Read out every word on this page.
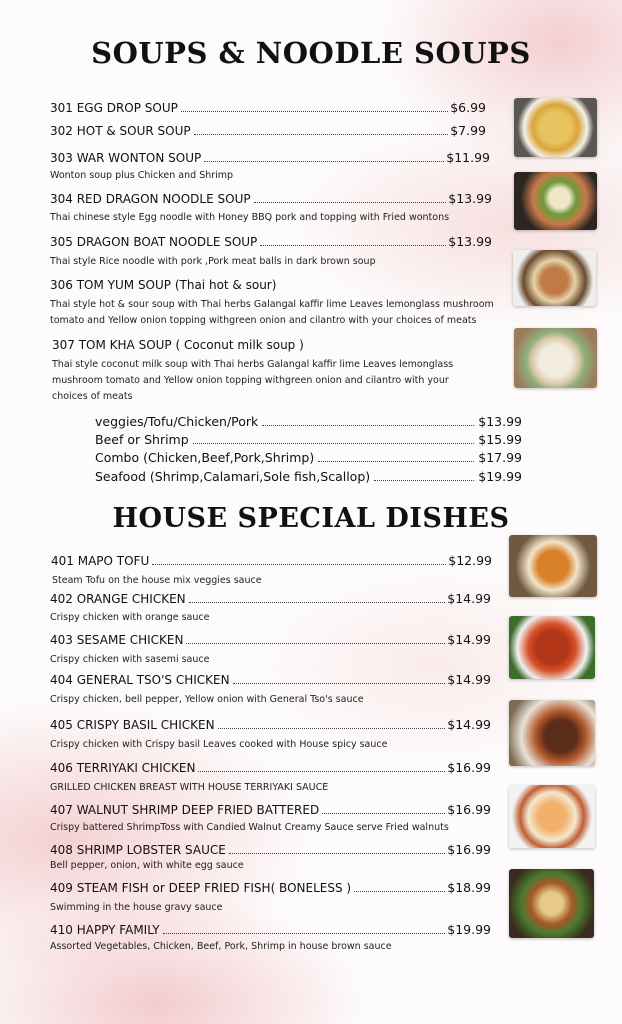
SOUPS & NOODLE SOUPS
301 EGG DROP SOUP	$6.99
302 HOT & SOUR SOUP	$7.99
303 WAR WONTON SOUP	$11.99
Wonton soup plus Chicken and Shrimp
304 RED DRAGON NOODLE SOUP	$13.99
Thai chinese style Egg noodle with Honey BBQ pork and topping with Fried wontons
305 DRAGON BOAT NOODLE SOUP	$13.99
Thai style Rice noodle with pork ,Pork meat balls in dark brown soup
306 TOM YUM SOUP (Thai hot & sour)
Thai style hot & sour soup with Thai herbs Galangal kaffir lime Leaves lemonglass mushroom
tomato and Yellow onion topping withgreen onion and cilantro with your choices of meats
307 TOM KHA SOUP ( Coconut milk soup )
Thai style coconut milk soup with Thai herbs Galangal kaffir lime Leaves lemonglass
mushroom tomato and Yellow onion topping withgreen onion and cilantro with your
choices of meats
veggies/Tofu/Chicken/Pork	$13.99
Beef or Shrimp	$15.99
Combo (Chicken,Beef,Pork,Shrimp)	$17.99
Seafood (Shrimp,Calamari,Sole fish,Scallop)	$19.99
HOUSE SPECIAL DISHES
401 MAPO TOFU	$12.99
Steam Tofu on the house mix veggies sauce
402 ORANGE CHICKEN	$14.99
Crispy chicken with orange sauce
403 SESAME CHICKEN	$14.99
Crispy chicken with sasemi sauce
404 GENERAL TSO'S CHICKEN	$14.99
Crispy chicken, bell pepper, Yellow onion with General Tso's sauce
405 CRISPY BASIL CHICKEN	$14.99
Crispy chicken with Crispy basil Leaves cooked with House spicy sauce
406 TERRIYAKI CHICKEN	$16.99
GRILLED CHICKEN BREAST WITH HOUSE TERRIYAKI SAUCE
407 WALNUT SHRIMP DEEP FRIED BATTERED	$16.99
Crispy battered ShrimpToss with Candied Walnut Creamy Sauce serve Fried walnuts
408 SHRIMP LOBSTER SAUCE	$16.99
Bell pepper, onion, with white egg sauce
409 STEAM FISH or DEEP FRIED FISH( BONELESS )	$18.99
Swimming in the house gravy sauce
410 HAPPY FAMILY	$19.99
Assorted Vegetables, Chicken, Beef, Pork, Shrimp in house brown sauce
